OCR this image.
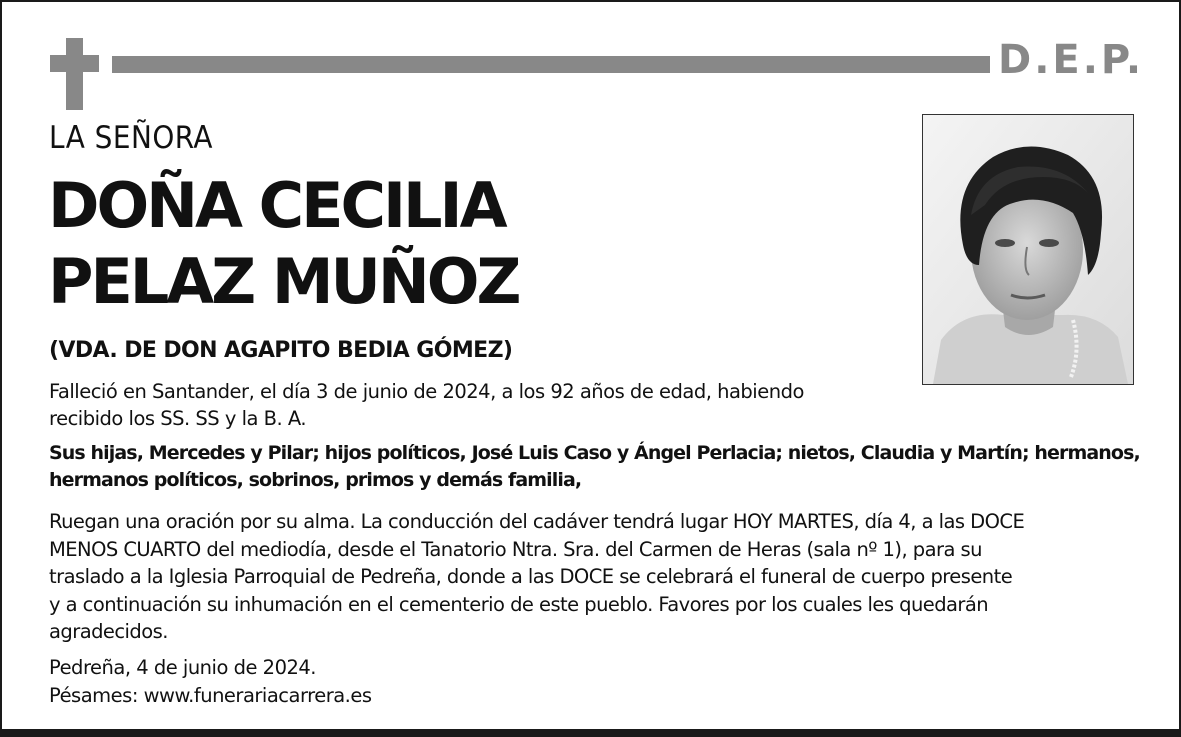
D.E.P.
LA SEÑORA
DOÑA CECILIA
PELAZ MUÑOZ
(VDA. DE DON AGAPITO BEDIA GÓMEZ)
Falleció en Santander, el día 3 de junio de 2024, a los 92 años de edad, habiendo
recibido los SS. SS y la B. A.
Sus hijas, Mercedes y Pilar; hijos políticos, José Luis Caso y Ángel Perlacia; nietos, Claudia y Martín; hermanos,
hermanos políticos, sobrinos, primos y demás familia,
Ruegan una oración por su alma. La conducción del cadáver tendrá lugar HOY MARTES, día 4, a las DOCE
MENOS CUARTO del mediodía, desde el Tanatorio Ntra. Sra. del Carmen de Heras (sala nº 1), para su
traslado a la Iglesia Parroquial de Pedreña, donde a las DOCE se celebrará el funeral de cuerpo presente
y a continuación su inhumación en el cementerio de este pueblo. Favores por los cuales les quedarán
agradecidos.
Pedreña, 4 de junio de 2024.
Pésames: www.funerariacarrera.es
